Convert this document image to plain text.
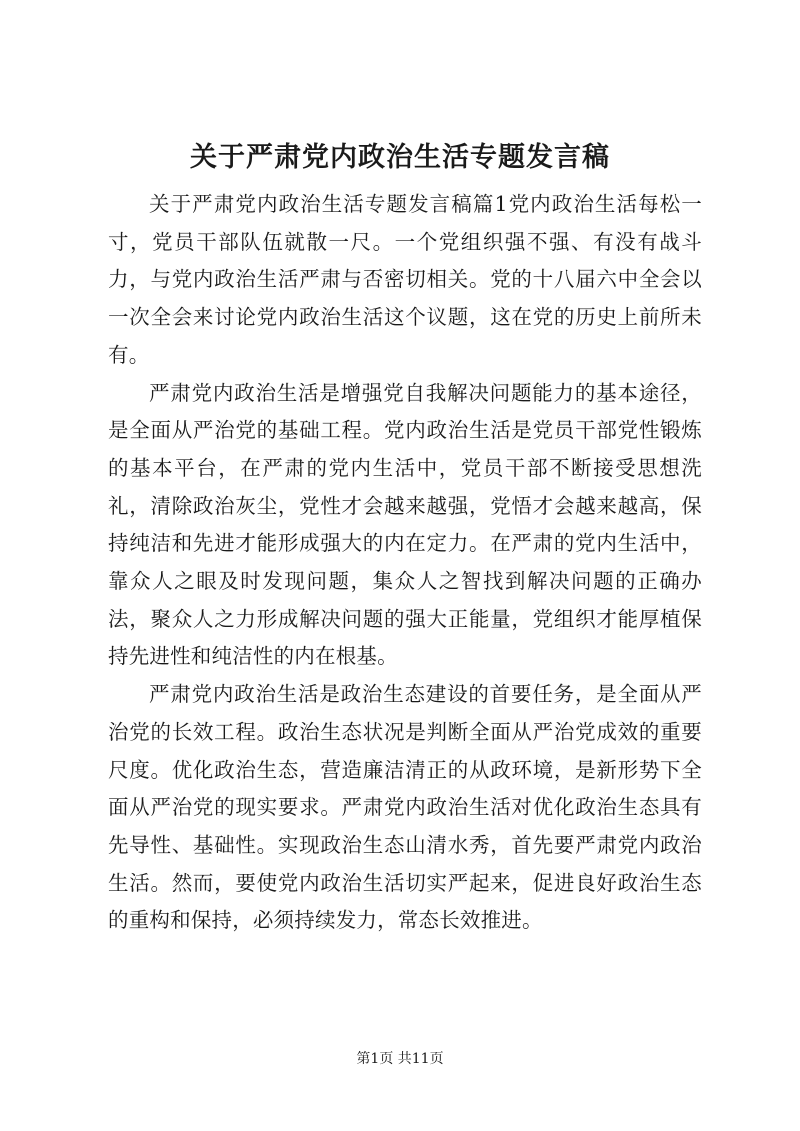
关于严肃党内政治生活专题发言稿

关于严肃党内政治生活专题发言稿篇1党内政治生活每松一寸，党员干部队伍就散一尺。一个党组织强不强、有没有战斗力，与党内政治生活严肃与否密切相关。党的十八届六中全会以一次全会来讨论党内政治生活这个议题，这在党的历史上前所未有。

严肃党内政治生活是增强党自我解决问题能力的基本途径，是全面从严治党的基础工程。党内政治生活是党员干部党性锻炼的基本平台，在严肃的党内生活中，党员干部不断接受思想洗礼，清除政治灰尘，党性才会越来越强，党悟才会越来越高，保持纯洁和先进才能形成强大的内在定力。在严肃的党内生活中，靠众人之眼及时发现问题，集众人之智找到解决问题的正确办法，聚众人之力形成解决问题的强大正能量，党组织才能厚植保持先进性和纯洁性的内在根基。

严肃党内政治生活是政治生态建设的首要任务，是全面从严治党的长效工程。政治生态状况是判断全面从严治党成效的重要尺度。优化政治生态，营造廉洁清正的从政环境，是新形势下全面从严治党的现实要求。严肃党内政治生活对优化政治生态具有先导性、基础性。实现政治生态山清水秀，首先要严肃党内政治生活。然而，要使党内政治生活切实严起来，促进良好政治生态的重构和保持，必须持续发力，常态长效推进。

第1页 共11页
